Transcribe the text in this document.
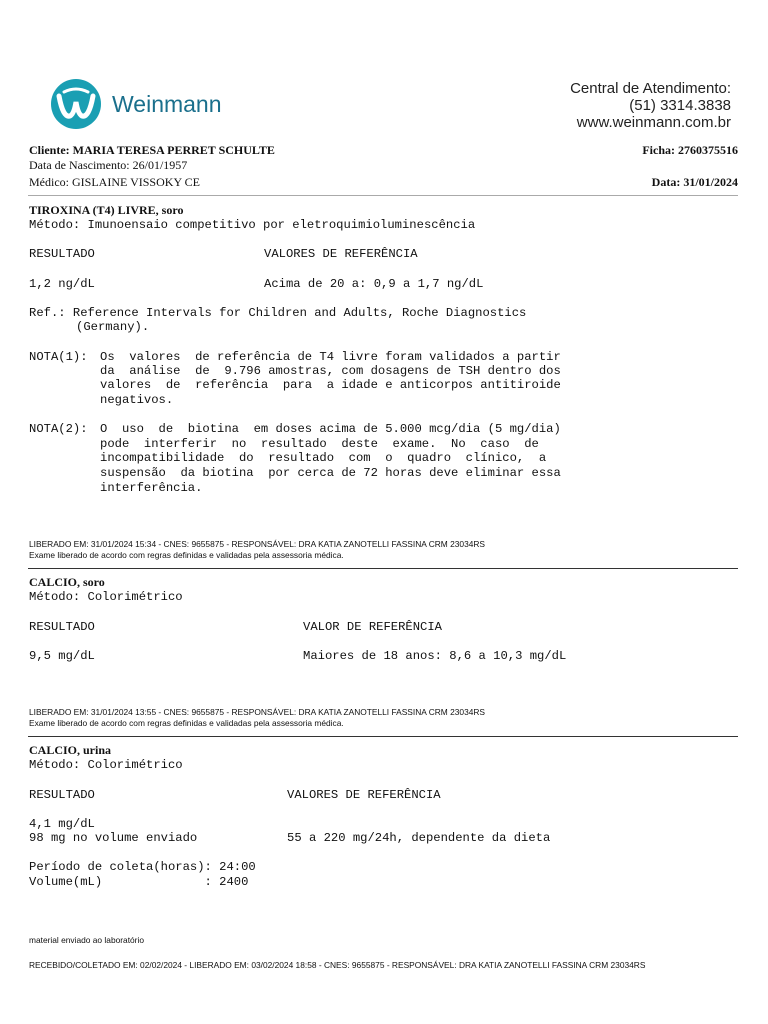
Weinmann
Central de Atendimento:
(51) 3314.3838
www.weinmann.com.br
Cliente: MARIA TERESA PERRET SCHULTE
Data de Nascimento: 26/01/1957
Médico: GISLAINE VISSOKY CE
Ficha: 2760375516
Data: 31/01/2024
TIROXINA (T4) LIVRE, soro
Método: Imunoensaio competitivo por eletroquimioluminescência
RESULTADO	VALORES DE REFERÊNCIA
1,2 ng/dL	Acima de 20 a: 0,9 a 1,7 ng/dL
Ref.: Reference Intervals for Children and Adults, Roche Diagnostics
(Germany).
NOTA(1): Os  valores  de referência de T4 livre foram validados a partir
da  análise  de  9.796 amostras, com dosagens de TSH dentro dos
valores  de  referência  para  a idade e anticorpos antitiroide
negativos.
NOTA(2): O  uso  de  biotina  em doses acima de 5.000 mcg/dia (5 mg/dia)
pode  interferir  no  resultado  deste  exame.  No  caso  de
incompatibilidade  do  resultado  com  o  quadro  clínico,  a
suspensão  da biotina  por cerca de 72 horas deve eliminar essa
interferência.
LIBERADO EM: 31/01/2024 15:34 - CNES: 9655875 - RESPONSÁVEL: DRA KATIA ZANOTELLI FASSINA CRM 23034RS
Exame liberado de acordo com regras definidas e validadas pela assessoria médica.
CALCIO, soro
Método: Colorimétrico
RESULTADO	VALOR DE REFERÊNCIA
9,5 mg/dL	Maiores de 18 anos: 8,6 a 10,3 mg/dL
LIBERADO EM: 31/01/2024 13:55 - CNES: 9655875 - RESPONSÁVEL: DRA KATIA ZANOTELLI FASSINA CRM 23034RS
Exame liberado de acordo com regras definidas e validadas pela assessoria médica.
CALCIO, urina
Método: Colorimétrico
RESULTADO	VALORES DE REFERÊNCIA
4,1 mg/dL
98 mg no volume enviado	55 a 220 mg/24h, dependente da dieta
Período de coleta(horas): 24:00
Volume(mL)              : 2400
material enviado ao laboratório
RECEBIDO/COLETADO EM: 02/02/2024 - LIBERADO EM: 03/02/2024 18:58 - CNES: 9655875 - RESPONSÁVEL: DRA KATIA ZANOTELLI FASSINA CRM 23034RS
